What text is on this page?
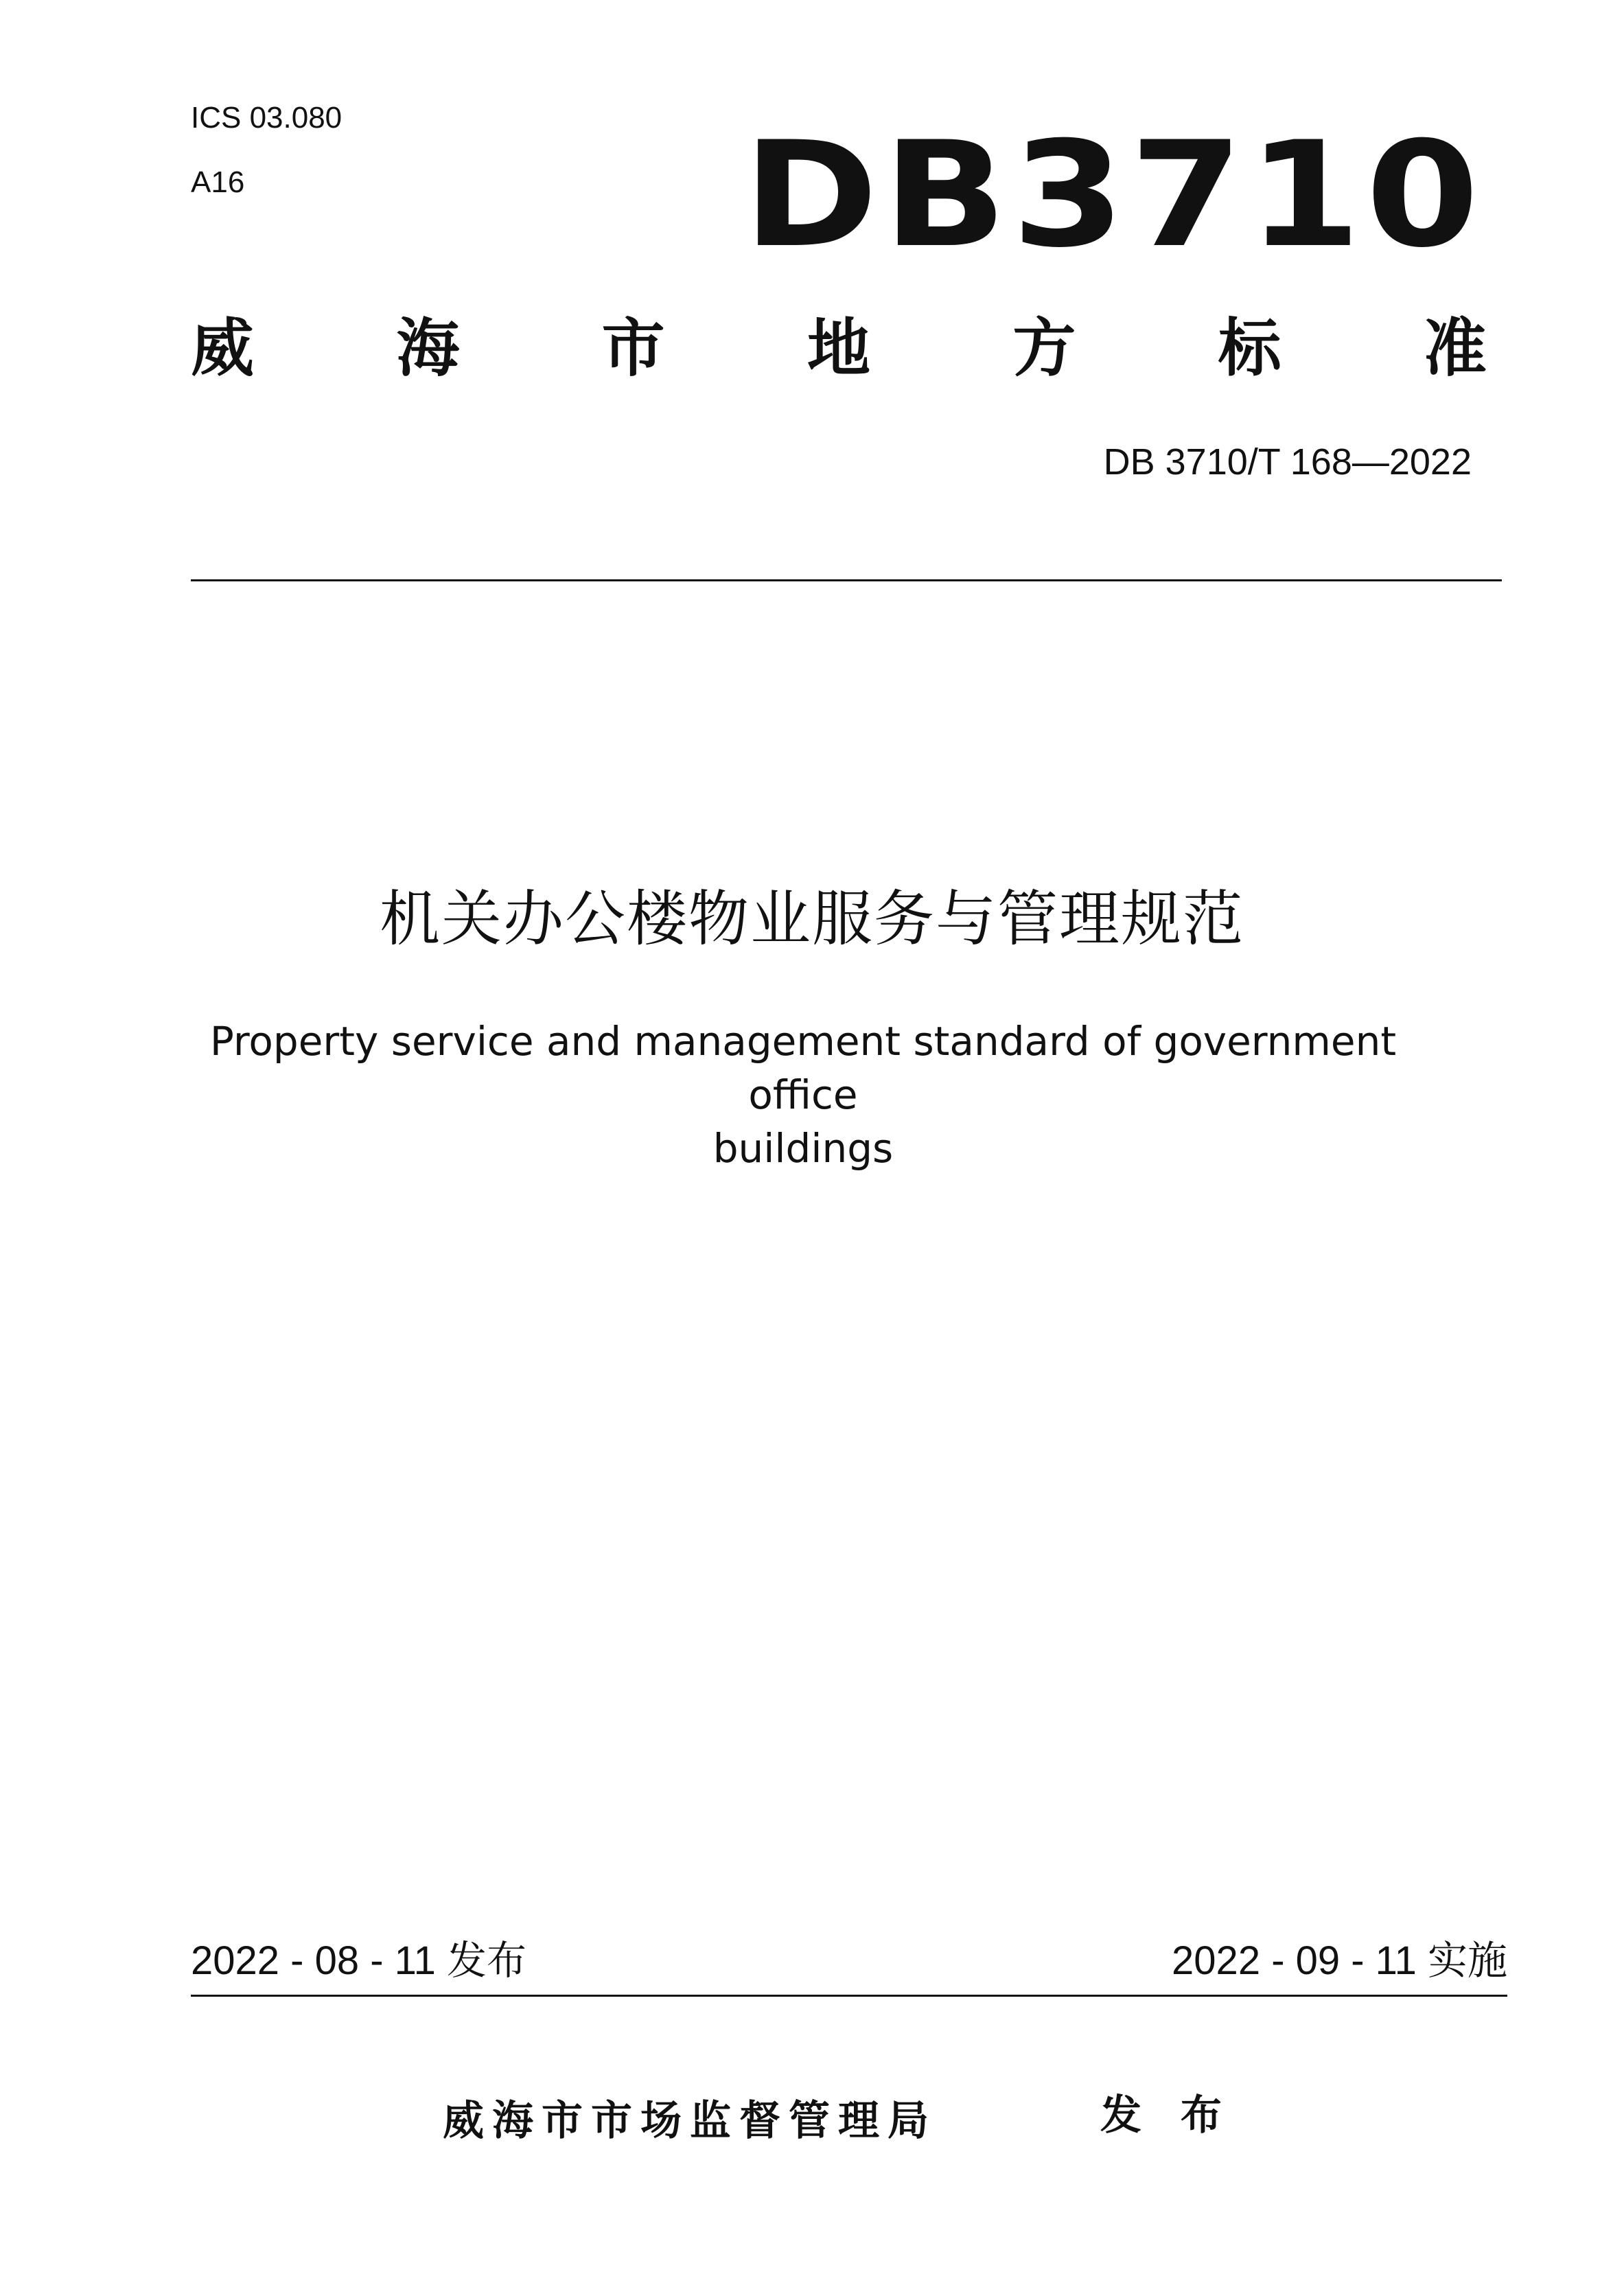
ICS 03.080
A16	DB3710
威 海 市 地 方 标 准
DB 3710/T 168—2022
机关办公楼物业服务与管理规范
Property service and management standard of government office
buildings
2022 - 08 - 11 发布	2022 - 09 - 11 实施
威海市市场监督管理局	发 布
